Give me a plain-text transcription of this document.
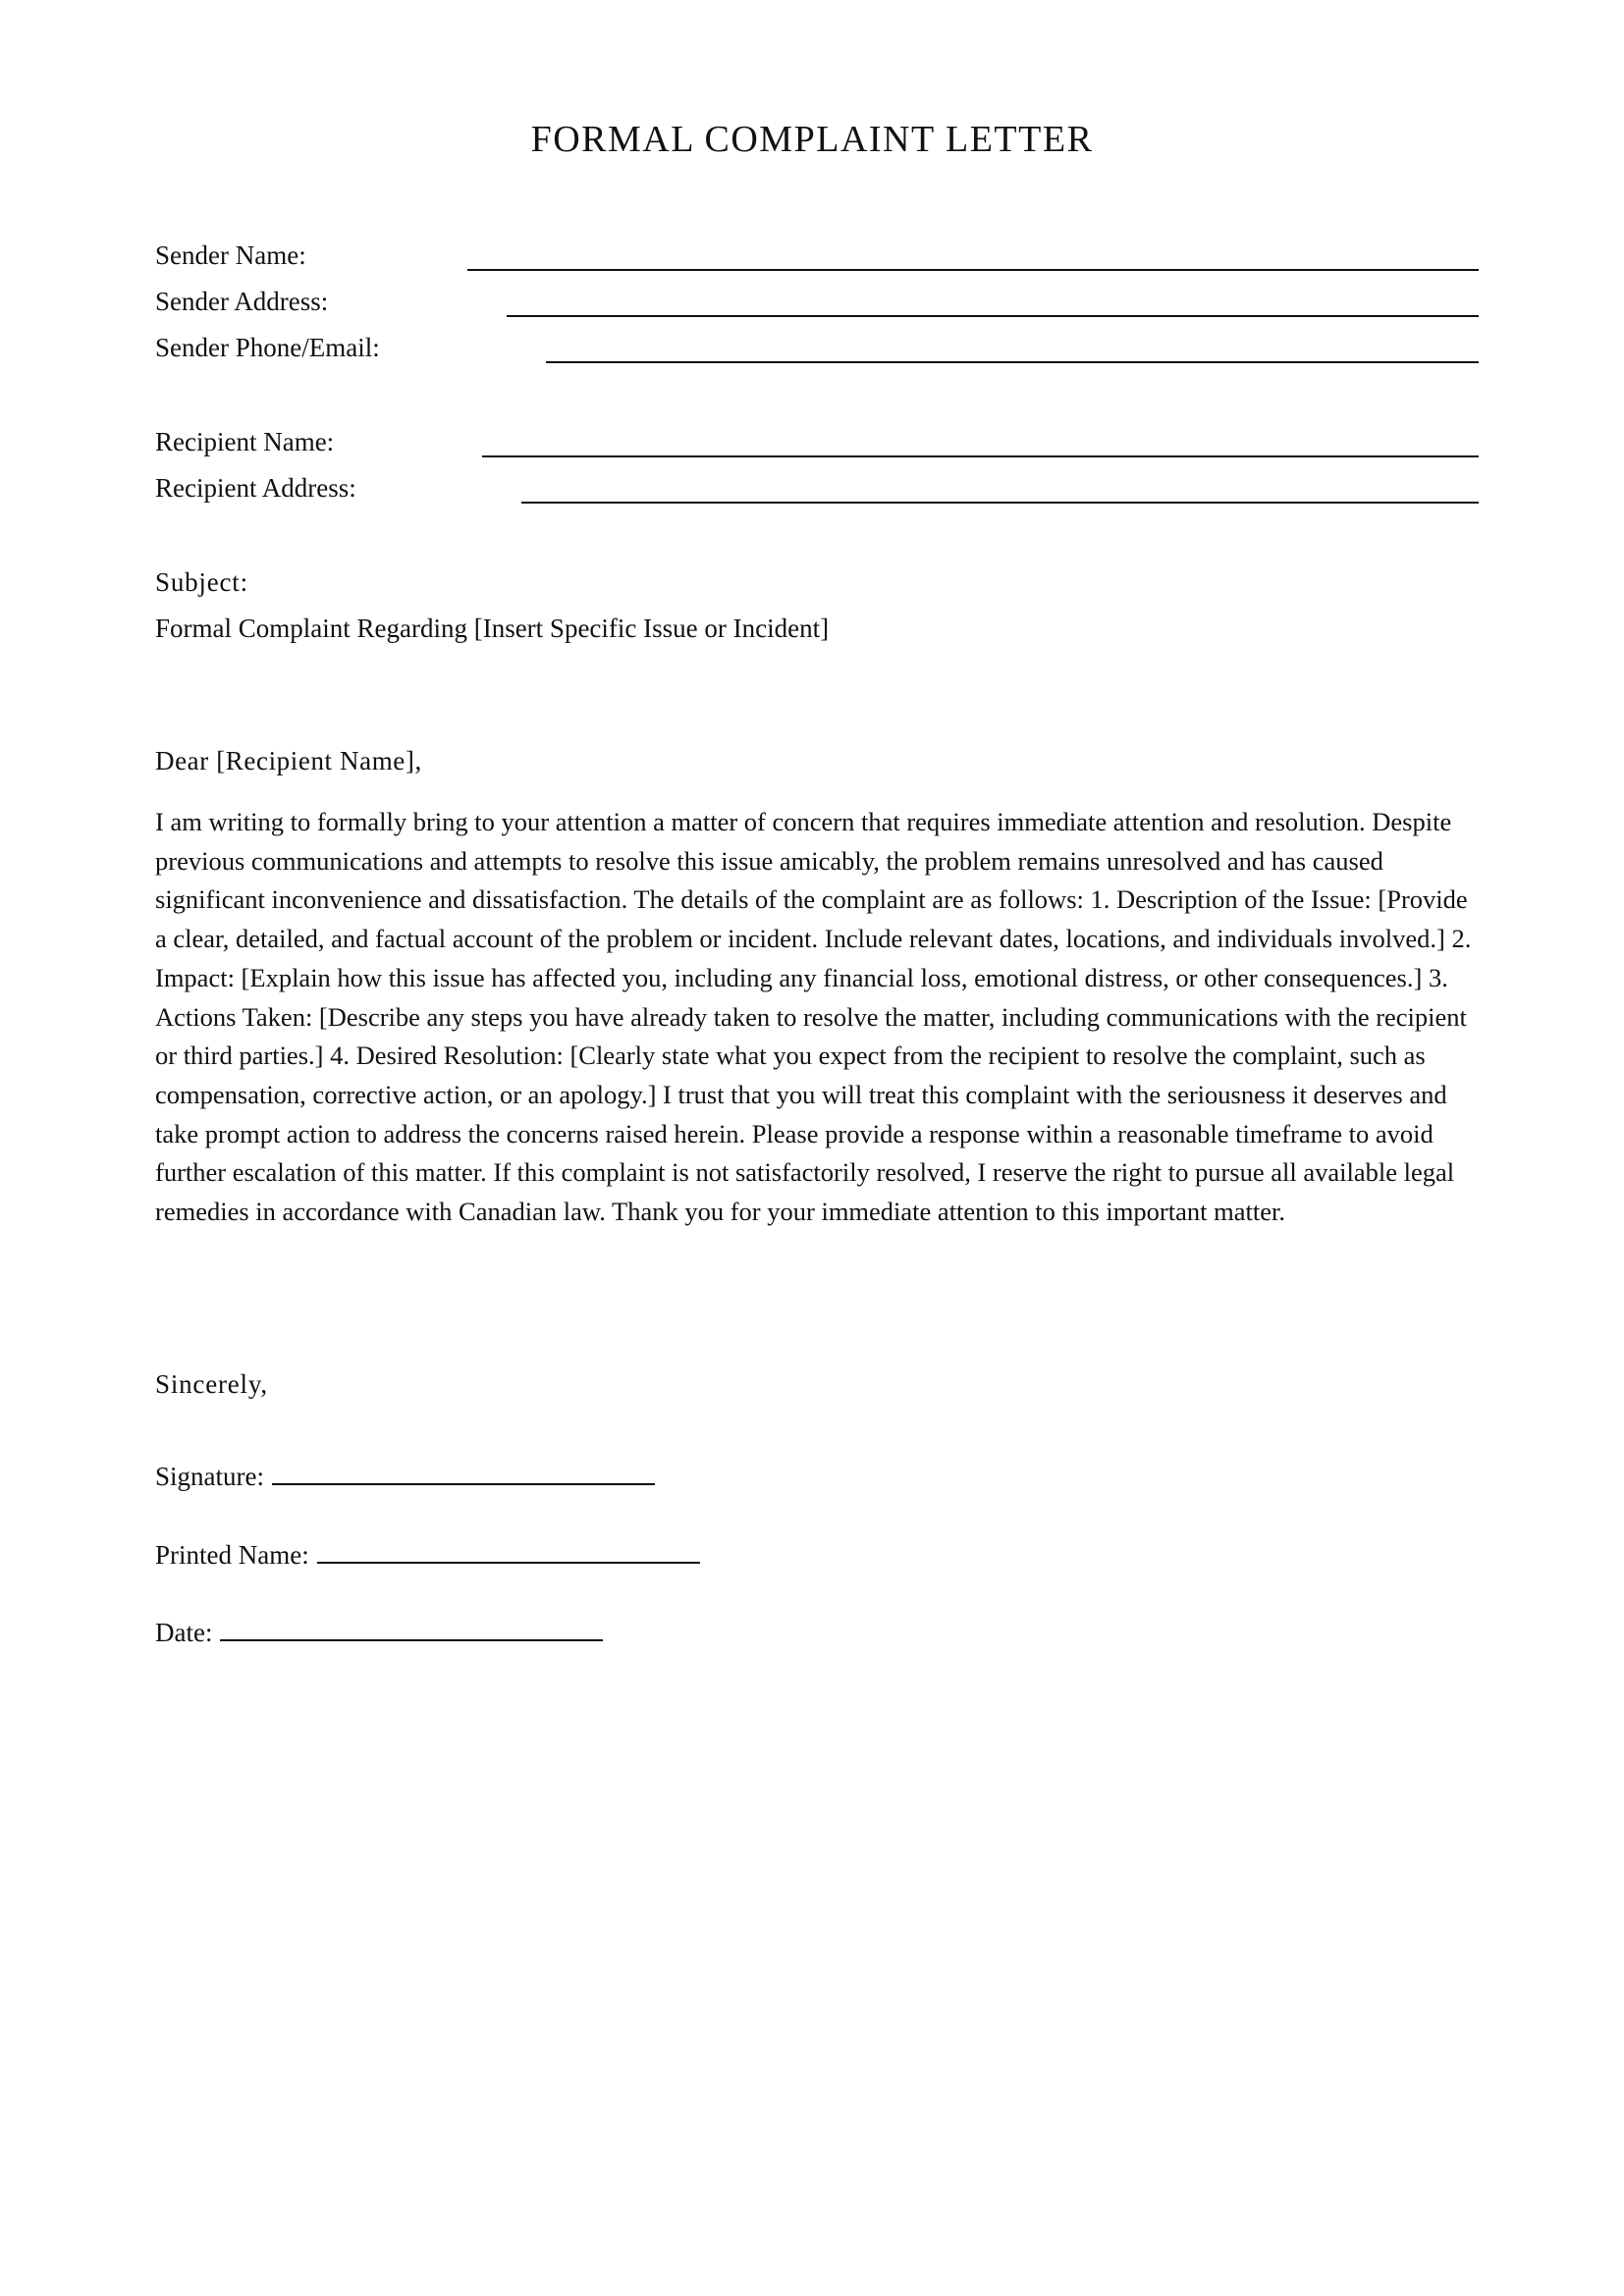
FORMAL COMPLAINT LETTER
Sender Name:
Sender Address:
Sender Phone/Email:
Recipient Name:
Recipient Address:
Subject:
Formal Complaint Regarding [Insert Specific Issue or Incident]
Dear [Recipient Name],
I am writing to formally bring to your attention a matter of concern that requires immediate attention and resolution. Despite previous communications and attempts to resolve this issue amicably, the problem remains unresolved and has caused significant inconvenience and dissatisfaction. The details of the complaint are as follows: 1. Description of the Issue: [Provide a clear, detailed, and factual account of the problem or incident. Include relevant dates, locations, and individuals involved.] 2. Impact: [Explain how this issue has affected you, including any financial loss, emotional distress, or other consequences.] 3. Actions Taken: [Describe any steps you have already taken to resolve the matter, including communications with the recipient or third parties.] 4. Desired Resolution: [Clearly state what you expect from the recipient to resolve the complaint, such as compensation, corrective action, or an apology.] I trust that you will treat this complaint with the seriousness it deserves and take prompt action to address the concerns raised herein. Please provide a response within a reasonable timeframe to avoid further escalation of this matter. If this complaint is not satisfactorily resolved, I reserve the right to pursue all available legal remedies in accordance with Canadian law. Thank you for your immediate attention to this important matter.
Sincerely,
Signature:
Printed Name:
Date:
